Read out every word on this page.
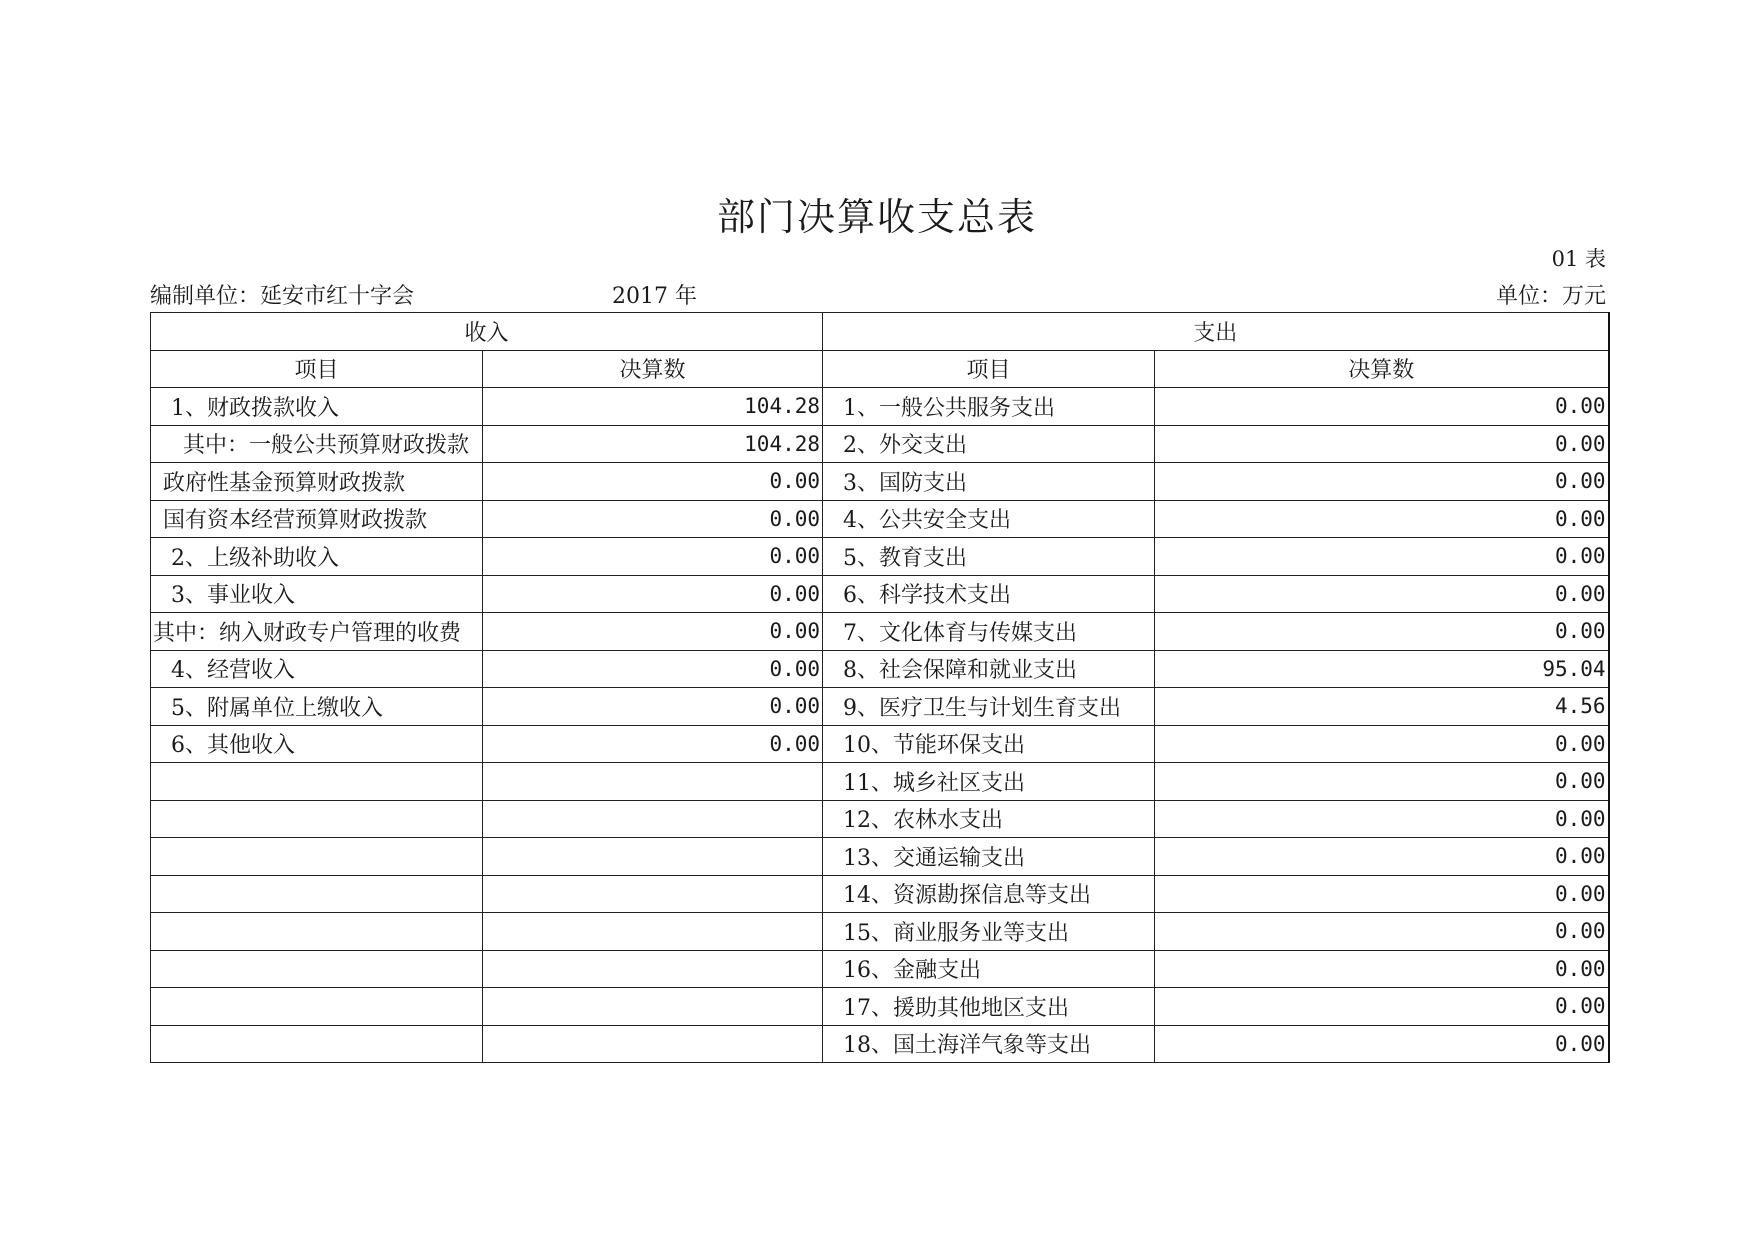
部门决算收支总表
01 表
编制单位：延安市红十字会	2017 年	单位：万元
收入		支出	
项目	决算数	项目	决算数
1、财政拨款收入	104.28	1、一般公共服务支出	0.00
其中：一般公共预算财政拨款	104.28	2、外交支出	0.00
政府性基金预算财政拨款	0.00	3、国防支出	0.00
国有资本经营预算财政拨款	0.00	4、公共安全支出	0.00
2、上级补助收入	0.00	5、教育支出	0.00
3、事业收入	0.00	6、科学技术支出	0.00
其中：纳入财政专户管理的收费	0.00	7、文化体育与传媒支出	0.00
4、经营收入	0.00	8、社会保障和就业支出	95.04
5、附属单位上缴收入	0.00	9、医疗卫生与计划生育支出	4.56
6、其他收入	0.00	10、节能环保支出	0.00
		11、城乡社区支出	0.00
		12、农林水支出	0.00
		13、交通运输支出	0.00
		14、资源勘探信息等支出	0.00
		15、商业服务业等支出	0.00
		16、金融支出	0.00
		17、援助其他地区支出	0.00
		18、国土海洋气象等支出	0.00
